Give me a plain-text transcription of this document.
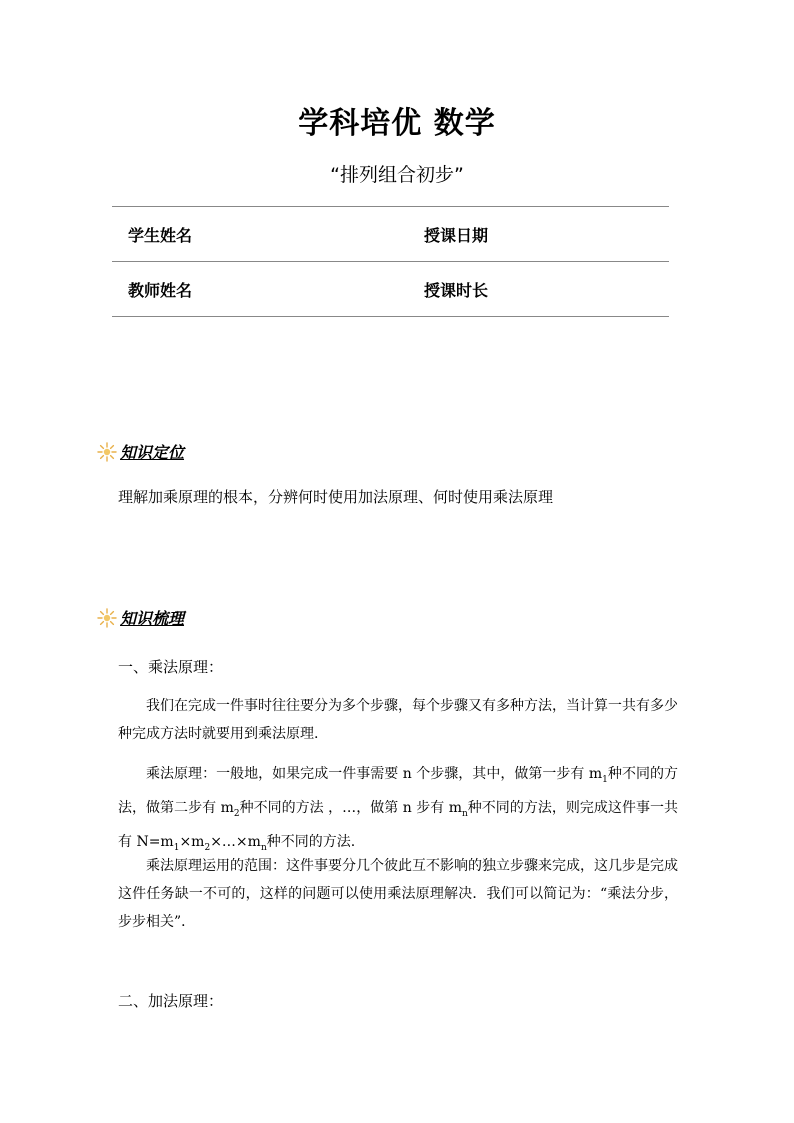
学科培优 数学
“排列组合初步”
学生姓名	授课日期
教师姓名	授课时长
知识定位
理解加乘原理的根本，分辨何时使用加法原理、何时使用乘法原理
知识梳理
一、乘法原理：
我们在完成一件事时往往要分为多个步骤，每个步骤又有多种方法，当计算一共有多少种完成方法时就要用到乘法原理.
乘法原理：一般地，如果完成一件事需要 n 个步骤，其中，做第一步有 $m_1$种不同的方法，做第二步有 $m_2$种不同的方法 ，…，做第 n 步有 $m_n$种不同的方法，则完成这件事一共有 $N=m_1\times m_2\times\dots\times m_n$种不同的方法.
乘法原理运用的范围：这件事要分几个彼此互不影响的独立步骤来完成，这几步是完成这件任务缺一不可的，这样的问题可以使用乘法原理解决．我们可以简记为：“乘法分步，步步相关”．
二、加法原理：
